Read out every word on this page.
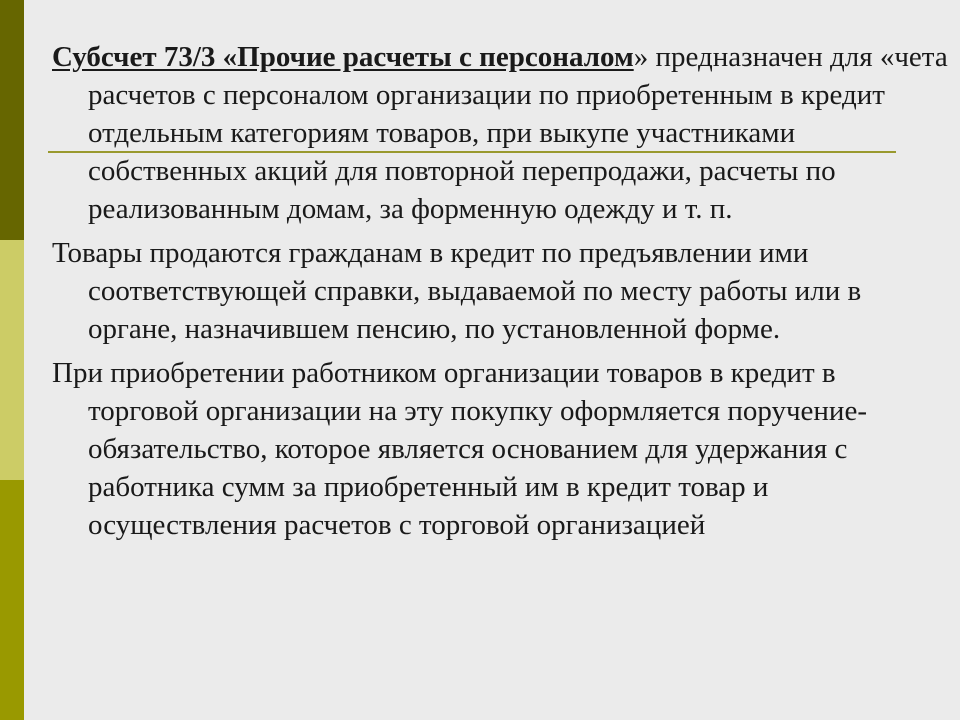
Субсчет 73/3 «Прочие расчеты с персоналом» предназначен для «чета расчетов с персоналом организации по приобретенным в кредит отдельным категориям товаров, при выкупе участниками собственных акций для повторной перепродажи, расчеты по реализованным домам, за форменную одежду и т. п.

Товары продаются гражданам в кредит по предъявлении ими соответствующей справки, выдаваемой по месту работы или в органе, назначившем пенсию, по установленной форме.

При приобретении работником организации товаров в кредит в торговой организации на эту покупку оформляется поручение-обязательство, которое является основанием для удержания с работника сумм за приобретенный им в кредит товар и осуществления расчетов с торговой организацией
